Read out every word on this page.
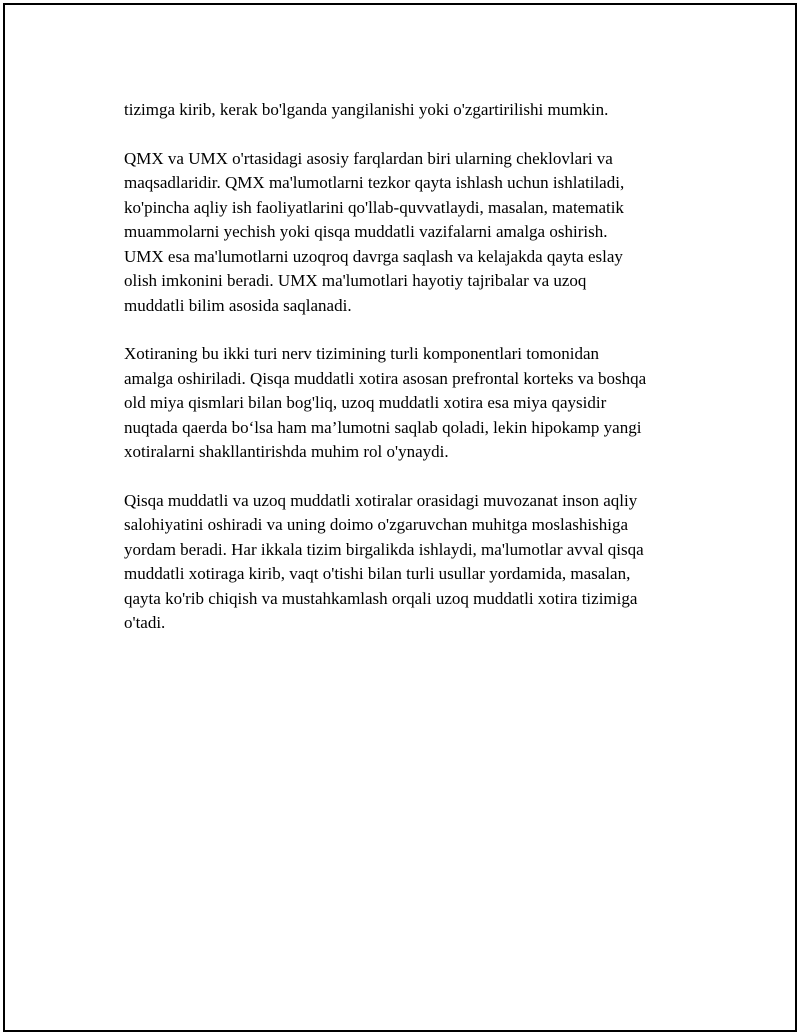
tizimga kirib, kerak bo'lganda yangilanishi yoki o'zgartirilishi mumkin.

QMX va UMX o'rtasidagi asosiy farqlardan biri ularning cheklovlari va
maqsadlaridir. QMX ma'lumotlarni tezkor qayta ishlash uchun ishlatiladi,
ko'pincha aqliy ish faoliyatlarini qo'llab-quvvatlaydi, masalan, matematik
muammolarni yechish yoki qisqa muddatli vazifalarni amalga oshirish.
UMX esa ma'lumotlarni uzoqroq davrga saqlash va kelajakda qayta eslay
olish imkonini beradi. UMX ma'lumotlari hayotiy tajribalar va uzoq
muddatli bilim asosida saqlanadi.

Xotiraning bu ikki turi nerv tizimining turli komponentlari tomonidan
amalga oshiriladi. Qisqa muddatli xotira asosan prefrontal korteks va boshqa
old miya qismlari bilan bog'liq, uzoq muddatli xotira esa miya qaysidir
nuqtada qaerda bo‘lsa ham ma’lumotni saqlab qoladi, lekin hipokamp yangi
xotiralarni shakllantirishda muhim rol o'ynaydi.

Qisqa muddatli va uzoq muddatli xotiralar orasidagi muvozanat inson aqliy
salohiyatini oshiradi va uning doimo o'zgaruvchan muhitga moslashishiga
yordam beradi. Har ikkala tizim birgalikda ishlaydi, ma'lumotlar avval qisqa
muddatli xotiraga kirib, vaqt o'tishi bilan turli usullar yordamida, masalan,
qayta ko'rib chiqish va mustahkamlash orqali uzoq muddatli xotira tizimiga
o'tadi.
